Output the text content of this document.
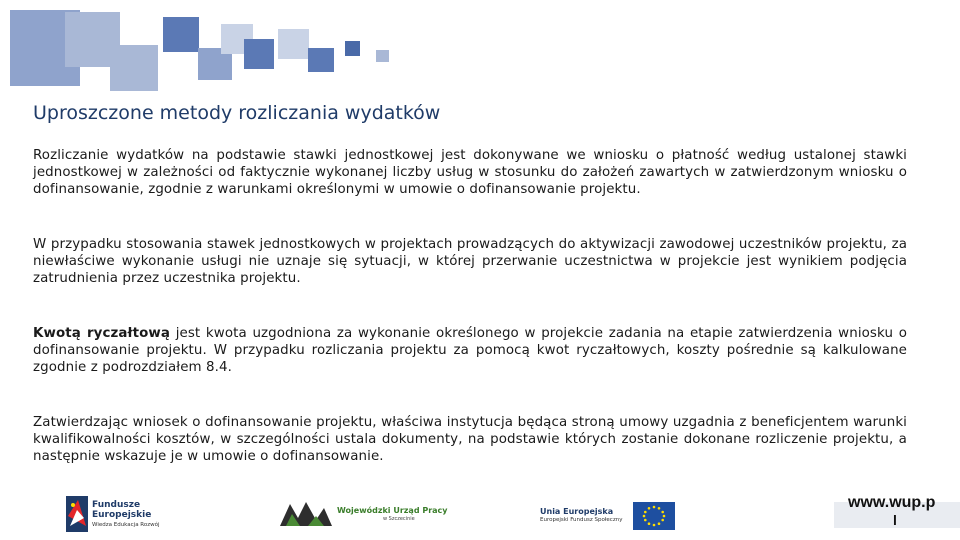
Uproszczone metody rozliczania wydatków

Rozliczanie wydatków na podstawie stawki jednostkowej jest dokonywane we wniosku o płatność według ustalonej stawki jednostkowej w zależności od faktycznie wykonanej liczby usług w stosunku do założeń zawartych w zatwierdzonym wniosku o dofinansowanie, zgodnie z warunkami określonymi w umowie o dofinansowanie projektu.

W przypadku stosowania stawek jednostkowych w projektach prowadzących do aktywizacji zawodowej uczestników projektu, za niewłaściwe wykonanie usługi nie uznaje się sytuacji, w której przerwanie uczestnictwa w projekcie jest wynikiem podjęcia zatrudnienia przez uczestnika projektu.

Kwotą ryczałtową jest kwota uzgodniona za wykonanie określonego w projekcie zadania na etapie zatwierdzenia wniosku o dofinansowanie projektu. W przypadku rozliczania projektu za pomocą kwot ryczałtowych, koszty pośrednie są kalkulowane zgodnie z podrozdziałem 8.4.

Zatwierdzając wniosek o dofinansowanie projektu, właściwa instytucja będąca stroną umowy uzgadnia z beneficjentem warunki kwalifikowalności kosztów, w szczególności ustala dokumenty, na podstawie których zostanie dokonane rozliczenie projektu, a następnie wskazuje je w umowie o dofinansowanie.

Fundusze
Europejskie
Wiedza Edukacja Rozwój
Wojewódzki Urząd Pracy
w Szczecinie
Unia Europejska
Europejski Fundusz Społeczny
www.wup.p
l
